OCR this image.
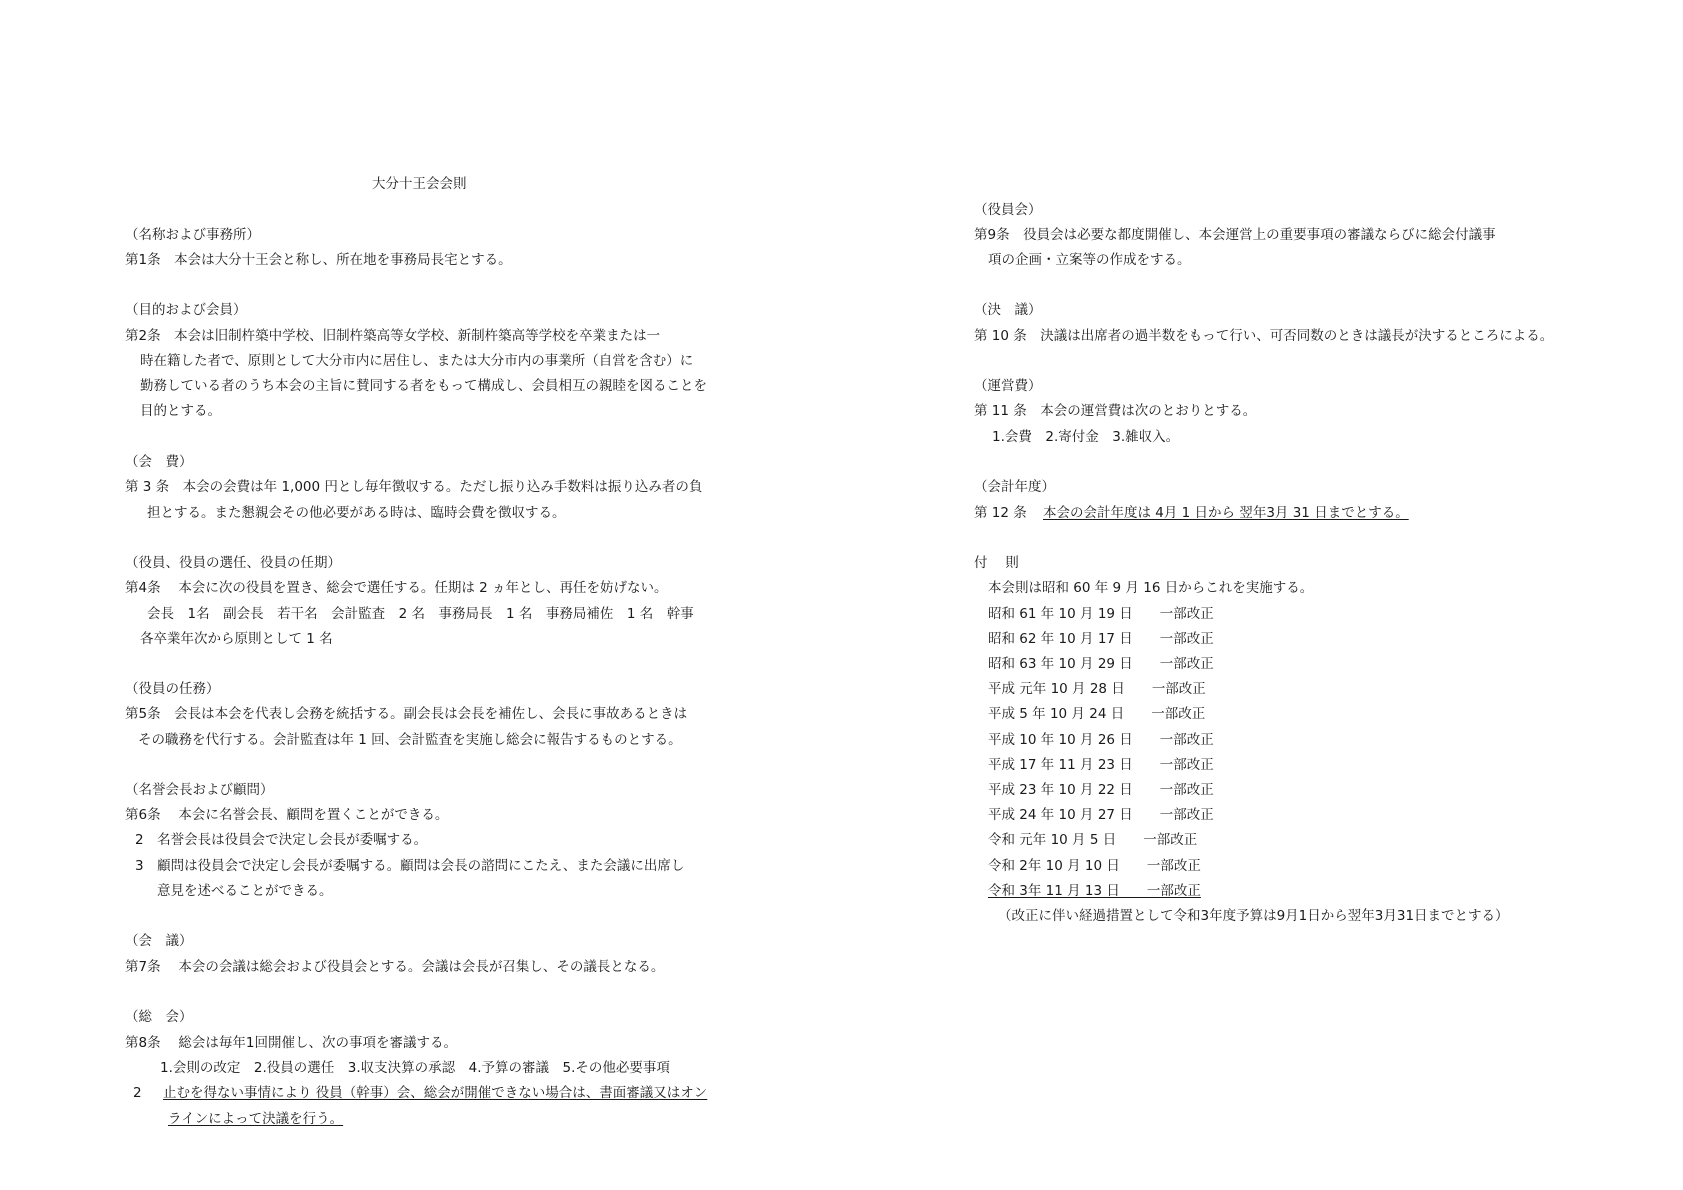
大分十王会会則
（名称および事務所）
第1条　本会は大分十王会と称し、所在地を事務局長宅とする。
（目的および会員）
第2条　本会は旧制杵築中学校、旧制杵築高等女学校、新制杵築高等学校を卒業または一
時在籍した者で、原則として大分市内に居住し、または大分市内の事業所（自営を含む）に
勤務している者のうち本会の主旨に賛同する者をもって構成し、会員相互の親睦を図ることを
目的とする。
（会　費）
第 3 条　本会の会費は年 1,000 円とし毎年徴収する。ただし振り込み手数料は振り込み者の負
担とする。また懇親会その他必要がある時は、臨時会費を徴収する。
（役員、役員の選任、役員の任期）
第4条　 本会に次の役員を置き、総会で選任する。任期は 2 ヵ年とし、再任を妨げない。
会長　1名　副会長　若干名　会計監査　2 名　事務局長　1 名　事務局補佐　1 名　幹事
各卒業年次から原則として 1 名
（役員の任務）
第5条　会長は本会を代表し会務を統括する。副会長は会長を補佐し、会長に事故あるときは
その職務を代行する。会計監査は年 1 回、会計監査を実施し総会に報告するものとする。
（名誉会長および顧問）
第6条　 本会に名誉会長、顧問を置くことができる。
2　名誉会長は役員会で決定し会長が委嘱する。
3　顧問は役員会で決定し会長が委嘱する。顧問は会長の諮問にこたえ、また会議に出席し
意見を述べることができる。
（会　議）
第7条　 本会の会議は総会および役員会とする。会議は会長が召集し、その議長となる。
（総　会）
第8条　 総会は毎年1回開催し、次の事項を審議する。
1.会則の改定　2.役員の選任　3.収支決算の承認　4.予算の審議　5.その他必要事項
2 止むを得ない事情により 役員（幹事）会、総会が開催できない場合は、書面審議又はオン
ラインによって決議を行う。
（役員会）
第9条　役員会は必要な都度開催し、本会運営上の重要事項の審議ならびに総会付議事
項の企画・立案等の作成をする。
（決　議）
第 10 条　決議は出席者の過半数をもって行い、可否同数のときは議長が決するところによる。
（運営費）
第 11 条　本会の運営費は次のとおりとする。
1.会費　2.寄付金　3.雑収入。
（会計年度）
第 12 条 本会の会計年度は 4月 1 日から 翌年3月 31 日までとする。
付　 則
本会則は昭和 60 年 9 月 16 日からこれを実施する。
昭和 61 年 10 月 19 日　　一部改正
昭和 62 年 10 月 17 日　　一部改正
昭和 63 年 10 月 29 日　　一部改正
平成 元年 10 月 28 日　　一部改正
平成 5 年 10 月 24 日　　一部改正
平成 10 年 10 月 26 日　　一部改正
平成 17 年 11 月 23 日　　一部改正
平成 23 年 10 月 22 日　　一部改正
平成 24 年 10 月 27 日　　一部改正
令和 元年 10 月 5 日　　一部改正
令和 2年 10 月 10 日　　一部改正
令和 3年 11 月 13 日　　一部改正
（改正に伴い経過措置として令和3年度予算は9月1日から翌年3月31日までとする）
